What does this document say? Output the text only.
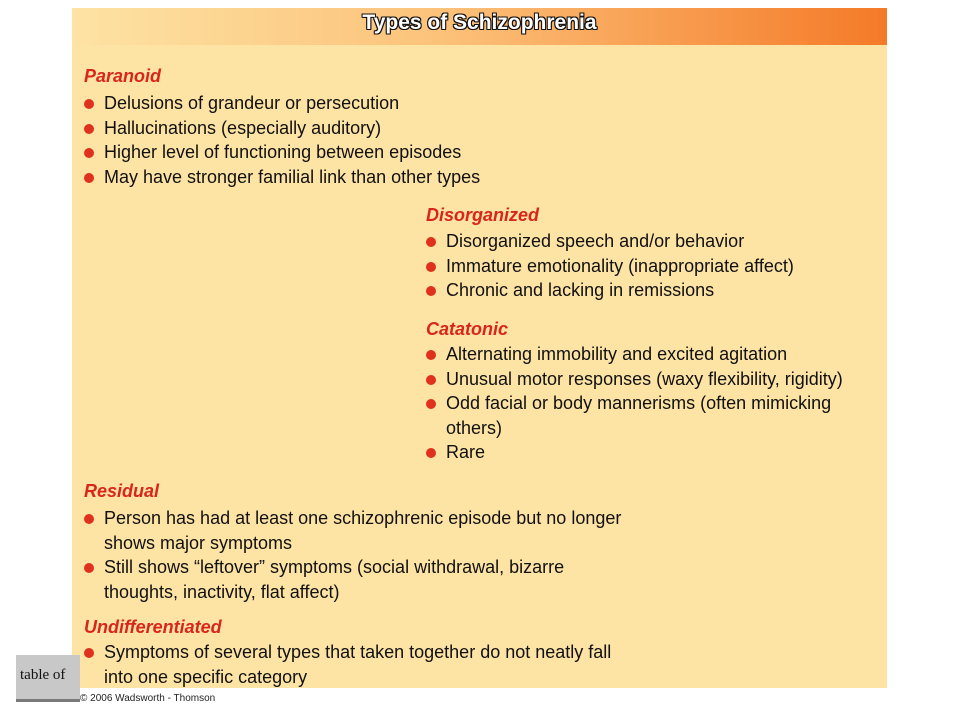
Types of Schizophrenia
Paranoid
Delusions of grandeur or persecution
Hallucinations (especially auditory)
Higher level of functioning between episodes
May have stronger familial link than other types
Disorganized
Disorganized speech and/or behavior
Immature emotionality (inappropriate affect)
Chronic and lacking in remissions
Catatonic
Alternating immobility and excited agitation
Unusual motor responses (waxy flexibility, rigidity)
Odd facial or body mannerisms (often mimicking others)
Rare
Residual
Person has had at least one schizophrenic episode but no longer shows major symptoms
Still shows “leftover” symptoms (social withdrawal, bizarre thoughts, inactivity, flat affect)
Undifferentiated
Symptoms of several types that taken together do not neatly fall into one specific category
table of
© 2006 Wadsworth - Thomson
